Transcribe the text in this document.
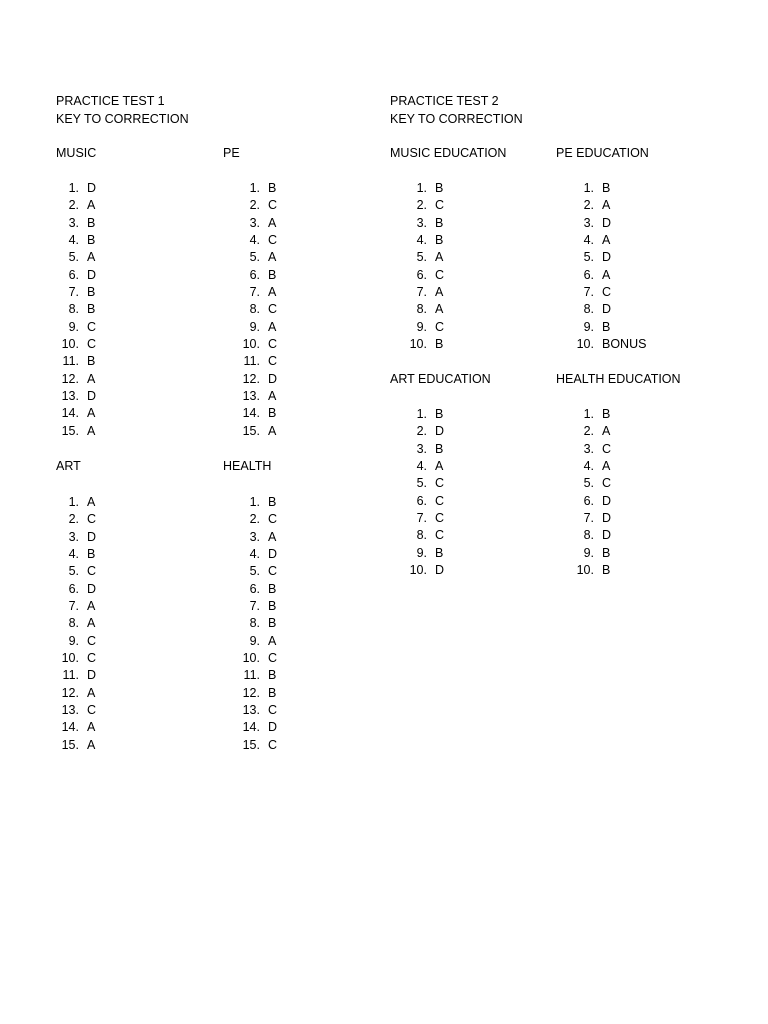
PRACTICE TEST 1
KEY TO CORRECTION
PRACTICE TEST 2
KEY TO CORRECTION
MUSIC
1. D
2. A
3. B
4. B
5. A
6. D
7. B
8. B
9. C
10. C
11. B
12. A
13. D
14. A
15. A
PE
1. B
2. C
3. A
4. C
5. A
6. B
7. A
8. C
9. A
10. C
11. C
12. D
13. A
14. B
15. A
ART
1. A
2. C
3. D
4. B
5. C
6. D
7. A
8. A
9. C
10. C
11. D
12. A
13. C
14. A
15. A
HEALTH
1. B
2. C
3. A
4. D
5. C
6. B
7. B
8. B
9. A
10. C
11. B
12. B
13. C
14. D
15. C
MUSIC EDUCATION
1. B
2. C
3. B
4. B
5. A
6. C
7. A
8. A
9. C
10. B
PE EDUCATION
1. B
2. A
3. D
4. A
5. D
6. A
7. C
8. D
9. B
10. BONUS
ART EDUCATION
1. B
2. D
3. B
4. A
5. C
6. C
7. C
8. C
9. B
10. D
HEALTH EDUCATION
1. B
2. A
3. C
4. A
5. C
6. D
7. D
8. D
9. B
10. B
